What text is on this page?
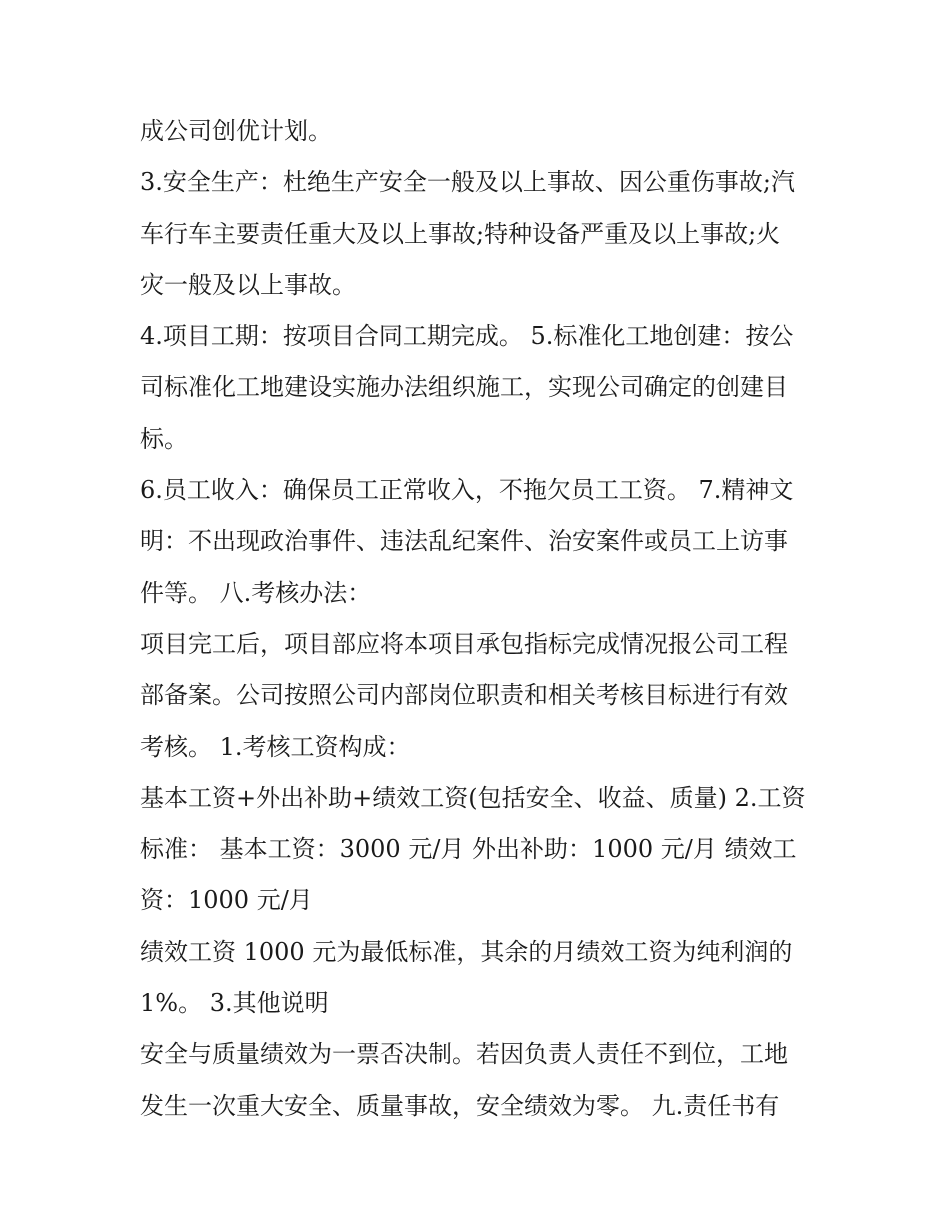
成公司创优计划。
3.安全生产：杜绝生产安全一般及以上事故、因公重伤事故;汽
车行车主要责任重大及以上事故;特种设备严重及以上事故;火
灾一般及以上事故。
4.项目工期：按项目合同工期完成。 5.标准化工地创建：按公
司标准化工地建设实施办法组织施工，实现公司确定的创建目
标。
6.员工收入：确保员工正常收入，不拖欠员工工资。 7.精神文
明：不出现政治事件、违法乱纪案件、治安案件或员工上访事
件等。 八.考核办法：
项目完工后，项目部应将本项目承包指标完成情况报公司工程
部备案。公司按照公司内部岗位职责和相关考核目标进行有效
考核。 1.考核工资构成：
基本工资+外出补助+绩效工资(包括安全、收益、质量) 2.工资
标准： 基本工资：3000 元/月 外出补助：1000 元/月 绩效工
资：1000 元/月
绩效工资 1000 元为最低标准，其余的月绩效工资为纯利润的
1%。 3.其他说明
安全与质量绩效为一票否决制。若因负责人责任不到位，工地
发生一次重大安全、质量事故，安全绩效为零。 九.责任书有
